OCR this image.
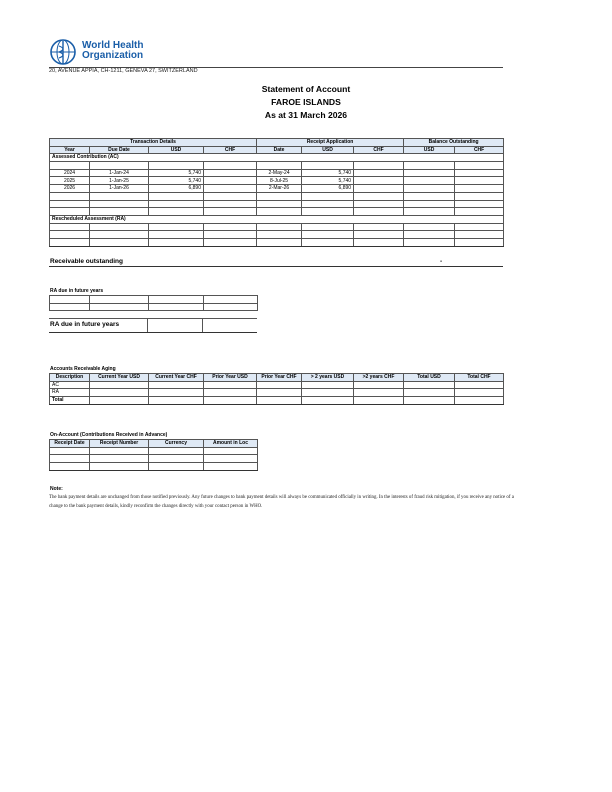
World Health
Organization
20, AVENUE APPIA, CH-1211, GENEVA 27, SWITZERLAND
Statement of Account
FAROE ISLANDS
As at 31 March 2026
Transaction Details				Receipt Application			Balance Outstanding	
Year	Due Date	USD	CHF	Date	USD	CHF	USD	CHF
Assessed Contribution (AC)								

2024	1-Jan-24	5,740		2-May-24	5,740			
2025	1-Jan-25	5,740		8-Jul-25	5,740			
2026	1-Jan-26	6,890		2-Mar-26	6,890			

Rescheduled Assessment (RA)								

Receivable outstanding	-
RA due in future years

RA due in future years
Accounts Receivable Aging
Description	Current Year USD	Current Year CHF	Prior Year USD	Prior Year CHF	> 2 years USD	>2 years CHF	Total USD	Total CHF
AC								
RA								
Total								
On-Account (Contributions Received in Advance)
Receipt Date	Receipt Number	Currency	Amount in Loc

Note:
The bank payment details are unchanged from those notified previously. Any future changes to bank payment details will always be communicated officially in writing. In the interests of fraud risk mitigation, if you receive any notice of a change to the bank payment details, kindly reconfirm the changes directly with your contact person in WHO.
